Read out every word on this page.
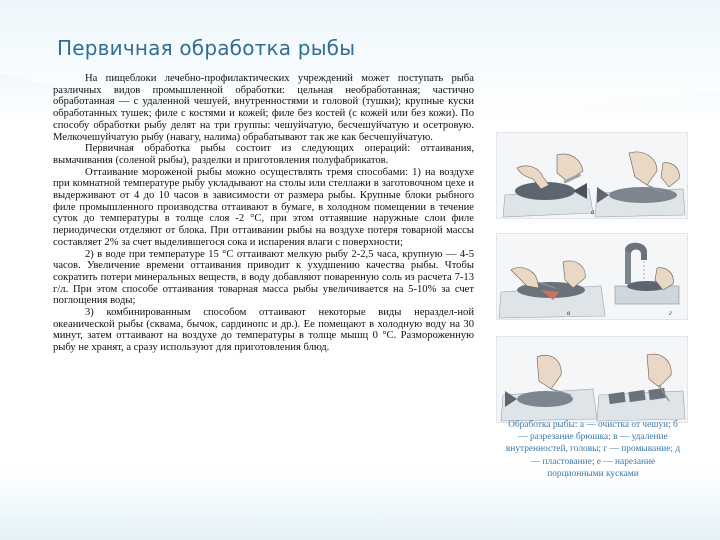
Первичная обработка рыбы

На пищеблоки лечебно-профилактических учреждений может поступать рыба различных видов промышленной обработки: цельная необработанная; частично обработанная — с удаленной чешуей, внутренностями и головой (тушки); крупные куски обработанных тушек; филе с костями и кожей; филе без костей (с кожей или без кожи). По способу обработки рыбу делят на три группы: чешуйчатую, бесчешуйчатую и осетровую. Мелкочешуйчатую рыбу (навагу, налима) обрабатывают так же как бесчешуйчатую.

Первичная обработка рыбы состоит из следующих операций: оттаивания, вымачивания (соленой рыбы), разделки и приготовления полуфабрикатов.

Оттаивание мороженой рыбы можно осуществлять тремя способами: 1) на воздухе при комнатной температуре рыбу укладывают на столы или стеллажи в заготовочном цехе и выдерживают от 4 до 10 часов в зависимости от размера рыбы. Крупные блоки рыбного филе промышленного производства оттаивают в бумаге, в холодном помещении в течение суток до температуры в толще слоя -2 °С, при этом оттаявшие наружные слои филе периодически отделяют от блока. При оттаивании рыбы на воздухе потеря товарной массы составляет 2% за счет выделившегося сока и испарения влаги с поверхности;

2) в воде при температуре 15 °С оттаивают мелкую рыбу 2-2,5 часа, крупную — 4-5 часов. Увеличение времени оттаивания приводит к ухудшению качества рыбы. Чтобы сократить потери минеральных веществ, в воду добавляют поваренную соль из расчета 7-13 г/л. При этом способе оттаивания товарная масса рыбы увеличивается на 5-10% за счет поглощения воды;

3) комбинированным способом оттаивают некоторые виды нераздел-ной океанической рыбы (сквама, бычок, сардинопс и др.). Ее помещают в холодную воду на 30 минут, затем оттаивают на воздухе до температуры в толще мышц 0 °С. Размороженную рыбу не хранят, а сразу используют для приготовления блюд.

а
в	г
Обработка рыбы: а — очистка от чешуи; б — разрезание брюшка; в — удаление внутренностей, головы; г — промывание; д — пластование; е — нарезание порционными кусками
